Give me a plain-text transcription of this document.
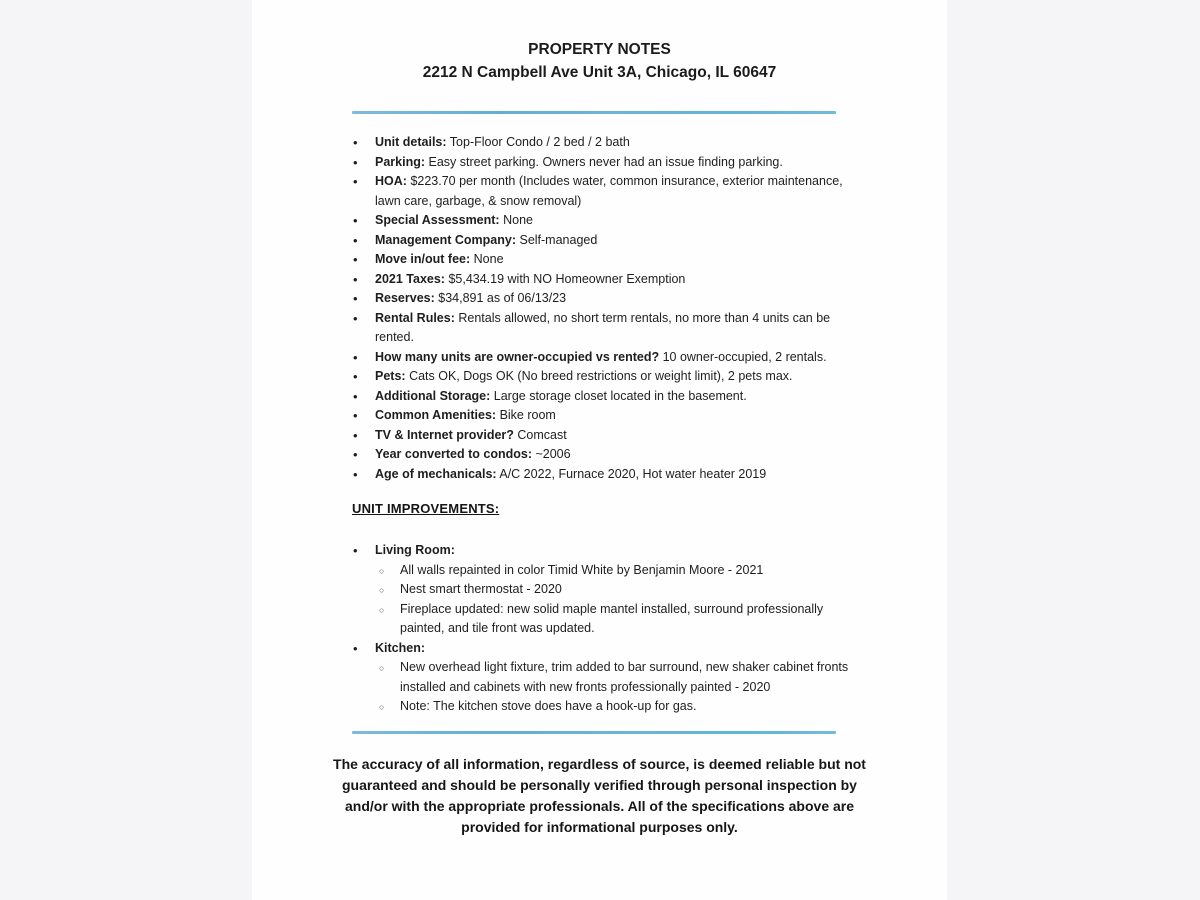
PROPERTY NOTES
2212 N Campbell Ave Unit 3A, Chicago, IL 60647
• Unit details: Top-Floor Condo / 2 bed / 2 bath
• Parking: Easy street parking. Owners never had an issue finding parking.
• HOA: $223.70 per month (Includes water, common insurance, exterior maintenance, lawn care, garbage, & snow removal)
• Special Assessment: None
• Management Company: Self-managed
• Move in/out fee: None
• 2021 Taxes: $5,434.19 with NO Homeowner Exemption
• Reserves: $34,891 as of 06/13/23
• Rental Rules: Rentals allowed, no short term rentals, no more than 4 units can be rented.
• How many units are owner-occupied vs rented? 10 owner-occupied, 2 rentals.
• Pets: Cats OK, Dogs OK (No breed restrictions or weight limit), 2 pets max.
• Additional Storage: Large storage closet located in the basement.
• Common Amenities: Bike room
• TV & Internet provider? Comcast
• Year converted to condos: ~2006
• Age of mechanicals: A/C 2022, Furnace 2020, Hot water heater 2019
UNIT IMPROVEMENTS:
• Living Room:
○ All walls repainted in color Timid White by Benjamin Moore - 2021
○ Nest smart thermostat - 2020
○ Fireplace updated: new solid maple mantel installed, surround professionally painted, and tile front was updated.
• Kitchen:
○ New overhead light fixture, trim added to bar surround, new shaker cabinet fronts installed and cabinets with new fronts professionally painted - 2020
○ Note: The kitchen stove does have a hook-up for gas.
The accuracy of all information, regardless of source, is deemed reliable but not
guaranteed and should be personally verified through personal inspection by
and/or with the appropriate professionals. All of the specifications above are
provided for informational purposes only.
